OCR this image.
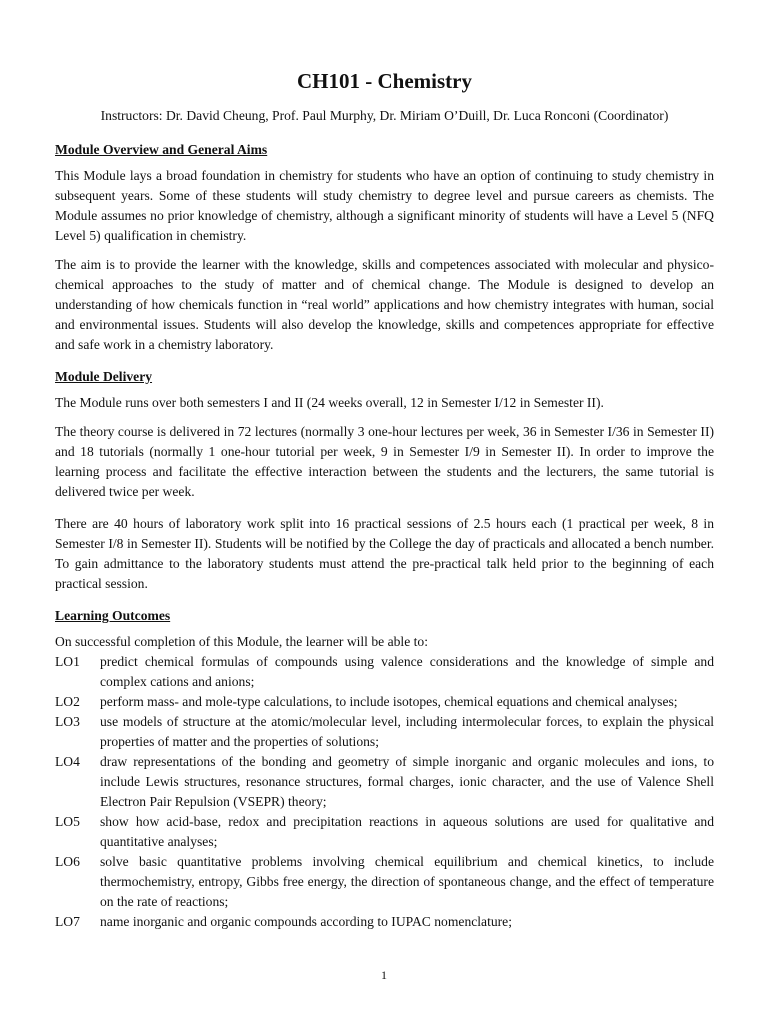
CH101 - Chemistry
Instructors: Dr. David Cheung, Prof. Paul Murphy, Dr. Miriam O’Duill, Dr. Luca Ronconi (Coordinator)
Module Overview and General Aims

This Module lays a broad foundation in chemistry for students who have an option of continuing to study chemistry in subsequent years. Some of these students will study chemistry to degree level and pursue careers as chemists. The Module assumes no prior knowledge of chemistry, although a significant minority of students will have a Level 5 (NFQ Level 5) qualification in chemistry.

The aim is to provide the learner with the knowledge, skills and competences associated with molecular and physico-chemical approaches to the study of matter and of chemical change. The Module is designed to develop an understanding of how chemicals function in “real world” applications and how chemistry integrates with human, social and environmental issues. Students will also develop the knowledge, skills and competences appropriate for effective and safe work in a chemistry laboratory.

Module Delivery

The Module runs over both semesters I and II (24 weeks overall, 12 in Semester I/12 in Semester II).

The theory course is delivered in 72 lectures (normally 3 one-hour lectures per week, 36 in Semester I/36 in Semester II) and 18 tutorials (normally 1 one-hour tutorial per week, 9 in Semester I/9 in Semester II). In order to improve the learning process and facilitate the effective interaction between the students and the lecturers, the same tutorial is delivered twice per week.

There are 40 hours of laboratory work split into 16 practical sessions of 2.5 hours each (1 practical per week, 8 in Semester I/8 in Semester II). Students will be notified by the College the day of practicals and allocated a bench number. To gain admittance to the laboratory students must attend the pre-practical talk held prior to the beginning of each practical session.

Learning Outcomes
On successful completion of this Module, the learner will be able to:
LO1	predict chemical formulas of compounds using valence considerations and the knowledge of simple and complex cations and anions;
LO2	perform mass- and mole-type calculations, to include isotopes, chemical equations and chemical analyses;
LO3	use models of structure at the atomic/molecular level, including intermolecular forces, to explain the physical properties of matter and the properties of solutions;
LO4	draw representations of the bonding and geometry of simple inorganic and organic molecules and ions, to include Lewis structures, resonance structures, formal charges, ionic character, and the use of Valence Shell Electron Pair Repulsion (VSEPR) theory;
LO5	show how acid-base, redox and precipitation reactions in aqueous solutions are used for qualitative and quantitative analyses;
LO6	solve basic quantitative problems involving chemical equilibrium and chemical kinetics, to include thermochemistry, entropy, Gibbs free energy, the direction of spontaneous change, and the effect of temperature on the rate of reactions;
LO7	name inorganic and organic compounds according to IUPAC nomenclature;
1
